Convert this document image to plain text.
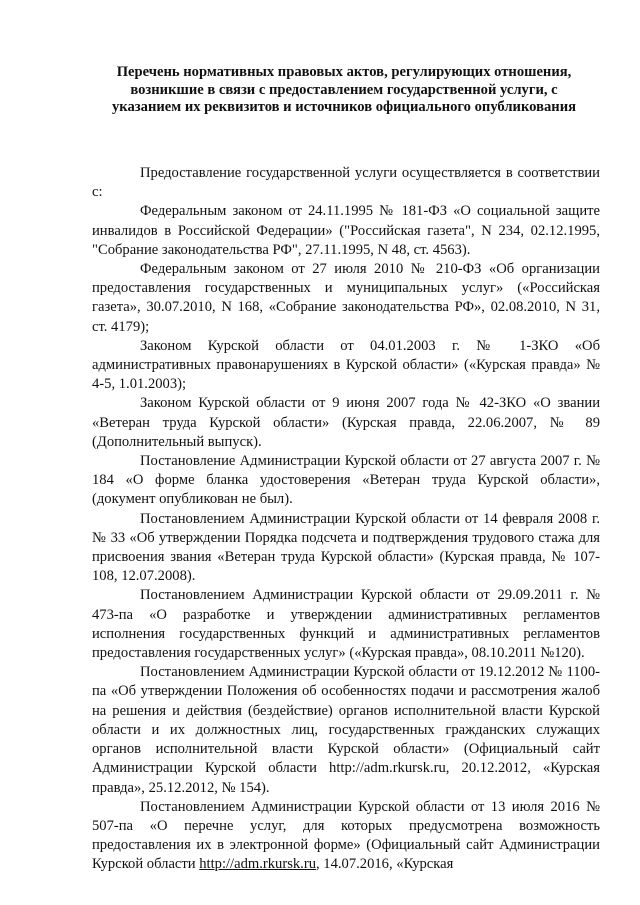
Перечень нормативных правовых актов, регулирующих отношения, возникшие в связи с предоставлением государственной услуги, с указанием их реквизитов и источников официального опубликования

Предоставление государственной услуги осуществляется в соответствии с:

Федеральным законом от 24.11.1995 № 181-ФЗ «О социальной защите инвалидов в Российской Федерации» ("Российская газета", N 234, 02.12.1995, "Собрание законодательства РФ", 27.11.1995, N 48, ст. 4563).

Федеральным законом от 27 июля 2010 № 210-ФЗ «Об организации предоставления государственных и муниципальных услуг» («Российская газета», 30.07.2010, N 168, «Собрание законодательства РФ», 02.08.2010, N 31, ст. 4179);

Законом Курской области от 04.01.2003 г. № 1-ЗКО «Об административных правонарушениях в Курской области» («Курская правда» № 4-5, 1.01.2003);

Законом Курской области от 9 июня 2007 года № 42-ЗКО «О звании «Ветеран труда Курской области» (Курская правда, 22.06.2007, № 89 (Дополнительный выпуск).

Постановление Администрации Курской области от 27 августа 2007 г. № 184 «О форме бланка удостоверения «Ветеран труда Курской области», (документ опубликован не был).

Постановлением Администрации Курской области от 14 февраля 2008 г. № 33 «Об утверждении Порядка подсчета и подтверждения трудового стажа для присвоения звания «Ветеран труда Курской области» (Курская правда, № 107-108, 12.07.2008).

Постановлением Администрации Курской области от 29.09.2011 г. № 473-па «О разработке и утверждении административных регламентов исполнения государственных функций и административных регламентов предоставления государственных услуг» («Курская правда», 08.10.2011 №120).

Постановлением Администрации Курской области от 19.12.2012 № 1100-па «Об утверждении Положения об особенностях подачи и рассмотрения жалоб на решения и действия (бездействие) органов исполнительной власти Курской области и их должностных лиц, государственных гражданских служащих органов исполнительной власти Курской области» (Официальный сайт Администрации Курской области http://adm.rkursk.ru, 20.12.2012, «Курская правда», 25.12.2012, № 154).

Постановлением Администрации Курской области от 13 июля 2016 № 507-па «О перечне услуг, для которых предусмотрена возможность предоставления их в электронной форме» (Официальный сайт Администрации Курской области http://adm.rkursk.ru, 14.07.2016, «Курская
